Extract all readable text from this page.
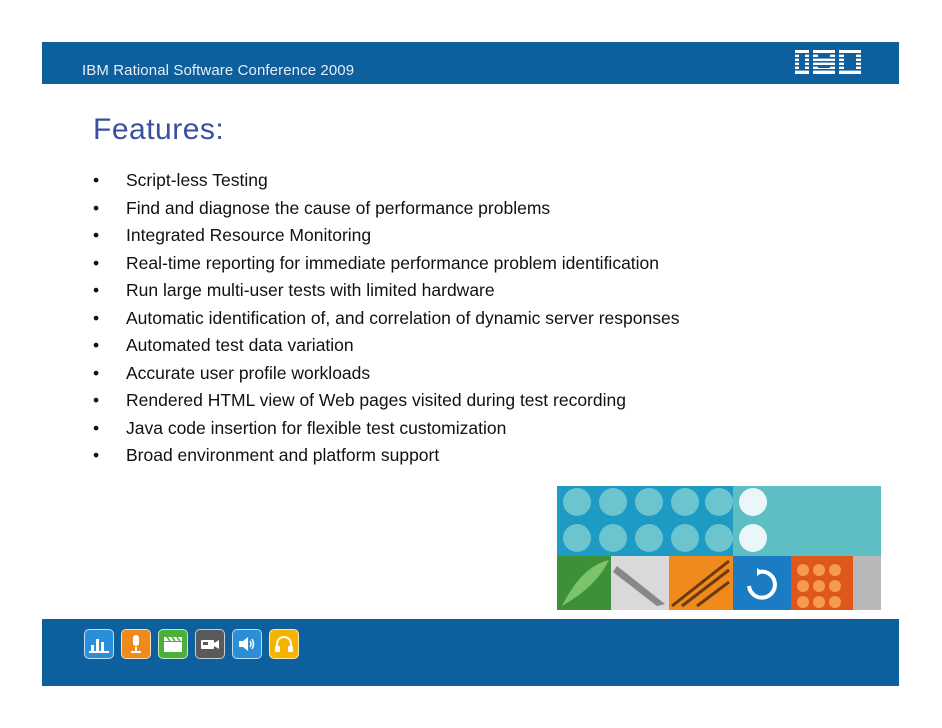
IBM Rational Software Conference 2009
Features:
• Script-less Testing
• Find and diagnose the cause of performance problems
• Integrated Resource Monitoring
• Real-time reporting for immediate performance problem identification
• Run large multi-user tests with limited hardware
• Automatic identification of, and correlation of dynamic server responses
• Automated test data variation
• Accurate user profile workloads
• Rendered HTML view of Web pages visited during test recording
• Java code insertion for flexible test customization
• Broad environment and platform support
